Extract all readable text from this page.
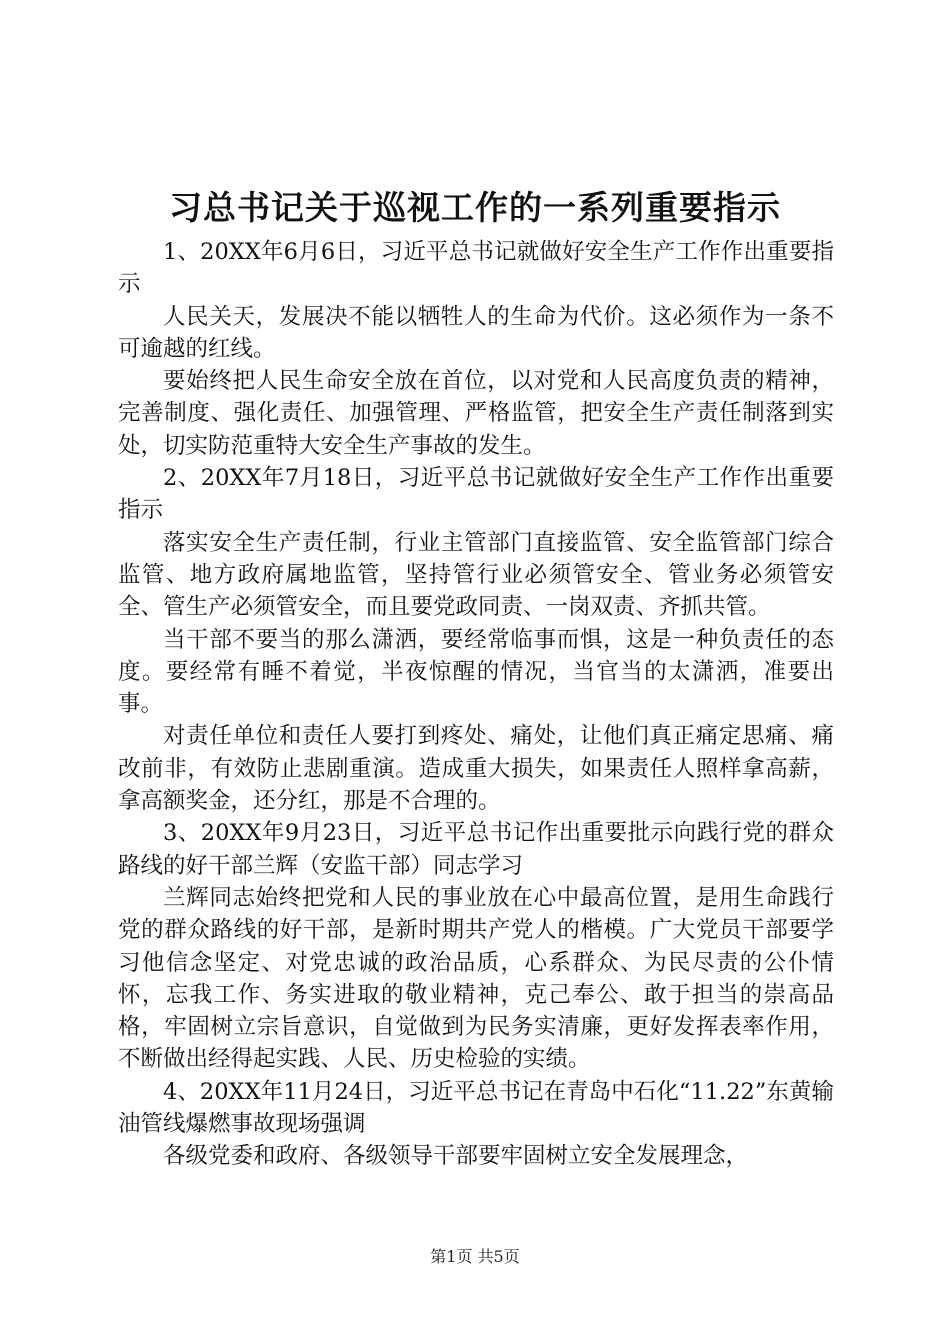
习总书记关于巡视工作的一系列重要指示

1、20XX年6月6日，习近平总书记就做好安全生产工作作出重要指示

人民关天，发展决不能以牺牲人的生命为代价。这必须作为一条不可逾越的红线。

要始终把人民生命安全放在首位，以对党和人民高度负责的精神，完善制度、强化责任、加强管理、严格监管，把安全生产责任制落到实处，切实防范重特大安全生产事故的发生。

2、20XX年7月18日，习近平总书记就做好安全生产工作作出重要指示

落实安全生产责任制，行业主管部门直接监管、安全监管部门综合监管、地方政府属地监管，坚持管行业必须管安全、管业务必须管安全、管生产必须管安全，而且要党政同责、一岗双责、齐抓共管。

当干部不要当的那么潇洒，要经常临事而惧，这是一种负责任的态度。要经常有睡不着觉，半夜惊醒的情况，当官当的太潇洒，准要出事。

对责任单位和责任人要打到疼处、痛处，让他们真正痛定思痛、痛改前非，有效防止悲剧重演。造成重大损失，如果责任人照样拿高薪，拿高额奖金，还分红，那是不合理的。

3、20XX年9月23日，习近平总书记作出重要批示向践行党的群众路线的好干部兰辉（安监干部）同志学习

兰辉同志始终把党和人民的事业放在心中最高位置，是用生命践行党的群众路线的好干部，是新时期共产党人的楷模。广大党员干部要学习他信念坚定、对党忠诚的政治品质，心系群众、为民尽责的公仆情怀，忘我工作、务实进取的敬业精神，克己奉公、敢于担当的崇高品格，牢固树立宗旨意识，自觉做到为民务实清廉，更好发挥表率作用，不断做出经得起实践、人民、历史检验的实绩。

4、20XX年11月24日，习近平总书记在青岛中石化“11.22”东黄输油管线爆燃事故现场强调

各级党委和政府、各级领导干部要牢固树立安全发展理念，

第1页 共5页
